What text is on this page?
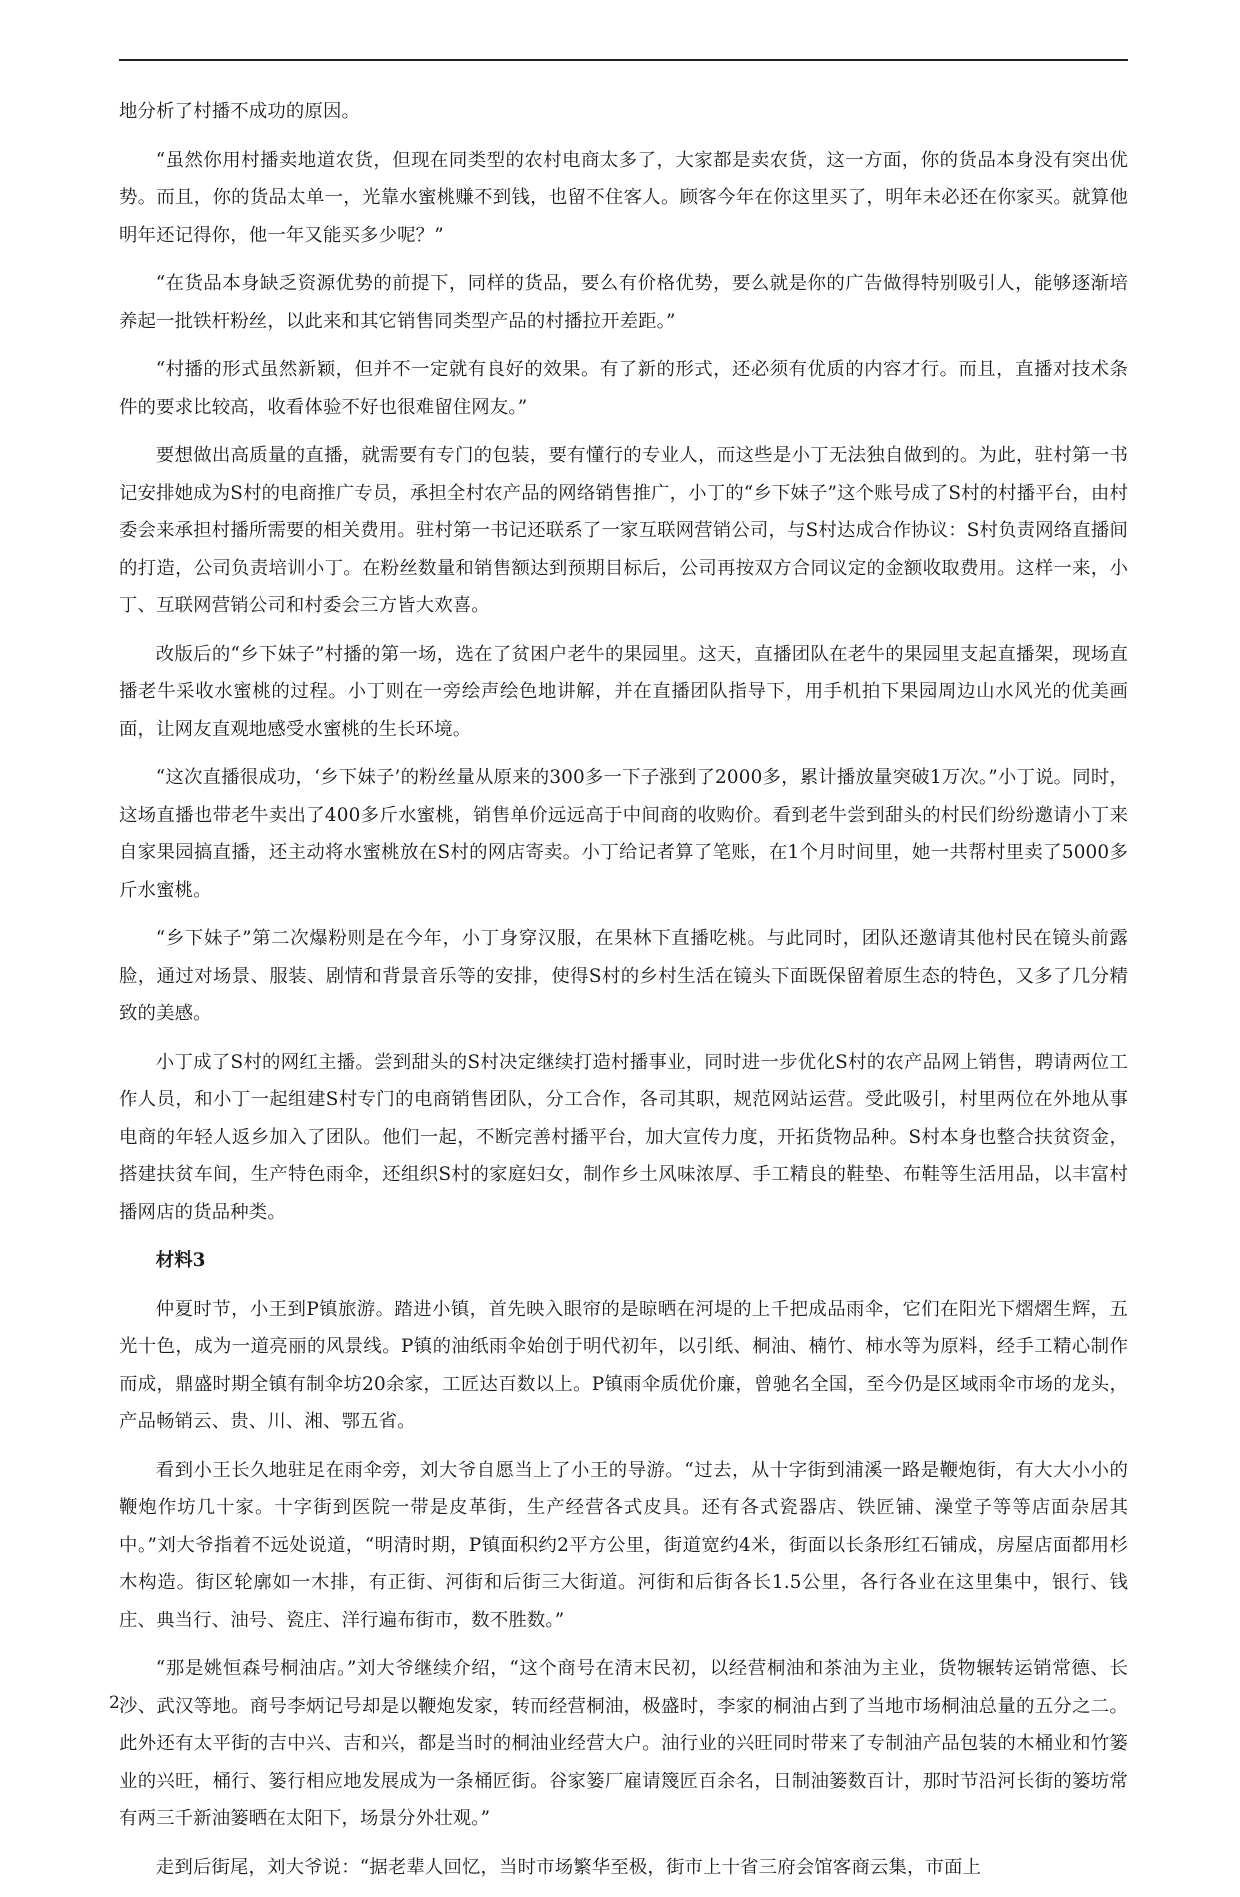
地分析了村播不成功的原因。

“虽然你用村播卖地道农货，但现在同类型的农村电商太多了，大家都是卖农货，这一方面，你的货品本身没有突出优势。而且，你的货品太单一，光靠水蜜桃赚不到钱，也留不住客人。顾客今年在你这里买了，明年未必还在你家买。就算他明年还记得你，他一年又能买多少呢？”

“在货品本身缺乏资源优势的前提下，同样的货品，要么有价格优势，要么就是你的广告做得特别吸引人，能够逐渐培养起一批铁杆粉丝，以此来和其它销售同类型产品的村播拉开差距。”

“村播的形式虽然新颖，但并不一定就有良好的效果。有了新的形式，还必须有优质的内容才行。而且，直播对技术条件的要求比较高，收看体验不好也很难留住网友。”

要想做出高质量的直播，就需要有专门的包装，要有懂行的专业人，而这些是小丁无法独自做到的。为此，驻村第一书记安排她成为S村的电商推广专员，承担全村农产品的网络销售推广，小丁的“乡下妹子”这个账号成了S村的村播平台，由村委会来承担村播所需要的相关费用。驻村第一书记还联系了一家互联网营销公司，与S村达成合作协议：S村负责网络直播间的打造，公司负责培训小丁。在粉丝数量和销售额达到预期目标后，公司再按双方合同议定的金额收取费用。这样一来，小丁、互联网营销公司和村委会三方皆大欢喜。

改版后的“乡下妹子”村播的第一场，选在了贫困户老牛的果园里。这天，直播团队在老牛的果园里支起直播架，现场直播老牛采收水蜜桃的过程。小丁则在一旁绘声绘色地讲解，并在直播团队指导下，用手机拍下果园周边山水风光的优美画面，让网友直观地感受水蜜桃的生长环境。

“这次直播很成功，‘乡下妹子’的粉丝量从原来的300多一下子涨到了2000多，累计播放量突破1万次。”小丁说。同时，这场直播也带老牛卖出了400多斤水蜜桃，销售单价远远高于中间商的收购价。看到老牛尝到甜头的村民们纷纷邀请小丁来自家果园搞直播，还主动将水蜜桃放在S村的网店寄卖。小丁给记者算了笔账，在1个月时间里，她一共帮村里卖了5000多斤水蜜桃。

“乡下妹子”第二次爆粉则是在今年，小丁身穿汉服，在果林下直播吃桃。与此同时，团队还邀请其他村民在镜头前露脸，通过对场景、服装、剧情和背景音乐等的安排，使得S村的乡村生活在镜头下面既保留着原生态的特色，又多了几分精致的美感。

小丁成了S村的网红主播。尝到甜头的S村决定继续打造村播事业，同时进一步优化S村的农产品网上销售，聘请两位工作人员，和小丁一起组建S村专门的电商销售团队，分工合作，各司其职，规范网站运营。受此吸引，村里两位在外地从事电商的年轻人返乡加入了团队。他们一起，不断完善村播平台，加大宣传力度，开拓货物品种。S村本身也整合扶贫资金，搭建扶贫车间，生产特色雨伞，还组织S村的家庭妇女，制作乡土风味浓厚、手工精良的鞋垫、布鞋等生活用品，以丰富村播网店的货品种类。

材料3

仲夏时节，小王到P镇旅游。踏进小镇，首先映入眼帘的是晾晒在河堤的上千把成品雨伞，它们在阳光下熠熠生辉，五光十色，成为一道亮丽的风景线。P镇的油纸雨伞始创于明代初年，以引纸、桐油、楠竹、柿水等为原料，经手工精心制作而成，鼎盛时期全镇有制伞坊20余家，工匠达百数以上。P镇雨伞质优价廉，曾驰名全国，至今仍是区域雨伞市场的龙头，产品畅销云、贵、川、湘、鄂五省。

看到小王长久地驻足在雨伞旁，刘大爷自愿当上了小王的导游。“过去，从十字街到浦溪一路是鞭炮街，有大大小小的鞭炮作坊几十家。十字街到医院一带是皮革街，生产经营各式皮具。还有各式瓷器店、铁匠铺、澡堂子等等店面杂居其中。”刘大爷指着不远处说道，“明清时期，P镇面积约2平方公里，街道宽约4米，街面以长条形红石铺成，房屋店面都用杉木构造。街区轮廓如一木排，有正街、河街和后街三大街道。河街和后街各长1.5公里，各行各业在这里集中，银行、钱庄、典当行、油号、瓷庄、洋行遍布街市，数不胜数。”

“那是姚恒森号桐油店。”刘大爷继续介绍，“这个商号在清末民初，以经营桐油和茶油为主业，货物辗转运销常德、长沙、武汉等地。商号李炳记号却是以鞭炮发家，转而经营桐油，极盛时，李家的桐油占到了当地市场桐油总量的五分之二。此外还有太平街的吉中兴、吉和兴，都是当时的桐油业经营大户。油行业的兴旺同时带来了专制油产品包装的木桶业和竹篓业的兴旺，桶行、篓行相应地发展成为一条桶匠街。谷家篓厂雇请篾匠百余名，日制油篓数百计，那时节沿河长街的篓坊常有两三千新油篓晒在太阳下，场景分外壮观。”

走到后街尾，刘大爷说：“据老辈人回忆，当时市场繁华至极，街市上十省三府会馆客商云集，市面上

2
